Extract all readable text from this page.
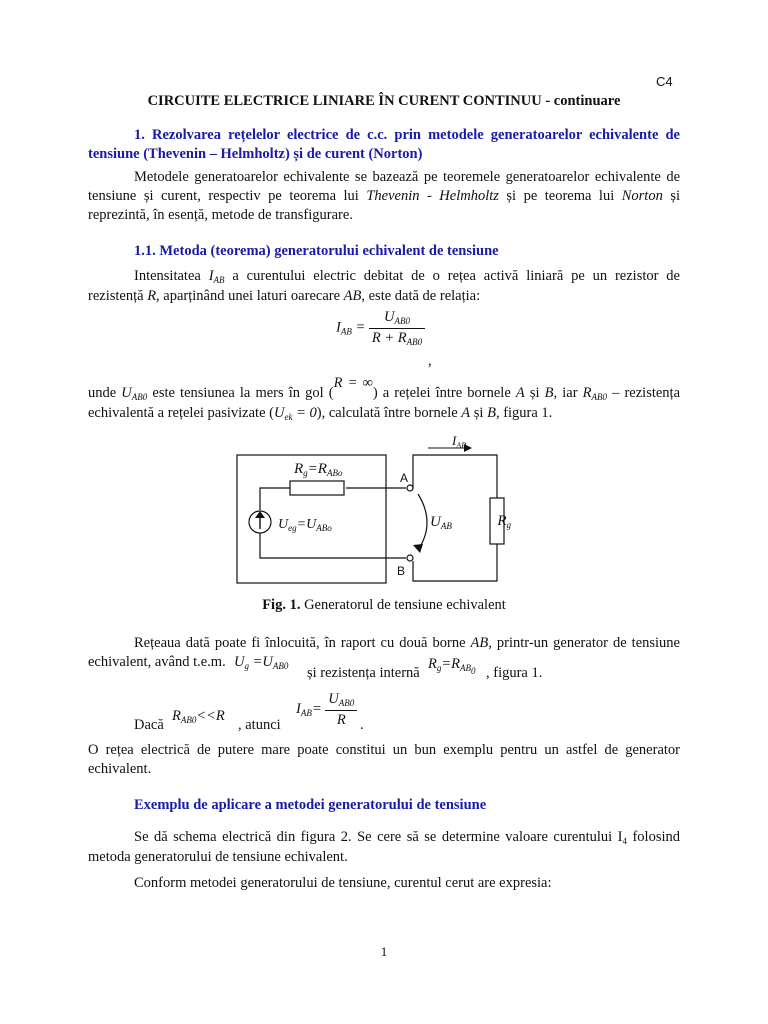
C4
CIRCUITE ELECTRICE LINIARE ÎN CURENT CONTINUU - continuare
1. Rezolvarea rețelelor electrice de c.c. prin metodele generatoarelor echivalente de tensiune (Thevenin – Helmholtz) și de curent (Norton)
Metodele generatoarelor echivalente se bazează pe teoremele generatoarelor echivalente de tensiune și curent, respectiv pe teorema lui Thevenin - Helmholtz și pe teorema lui Norton și reprezintă, în esență, metode de transfigurare.
1.1. Metoda (teorema) generatorului echivalent de tensiune
Intensitatea $I_{AB}$ a curentului electric debitat de o rețea activă liniară pe un rezistor de rezistență R, aparținând unei laturi oarecare AB, este dată de relația:
$I_{AB} = \frac{U_{AB0}}{R + R_{AB0}}$
,
unde $U_{AB0}$ este tensiunea la mers în gol (R = ∞) a rețelei între bornele A și B, iar $R_{AB0}$ – rezistența echivalentă a rețelei pasivizate $(U_{ek} = 0)$, calculată între bornele A și B, figura 1.
$R_g=R_{ABo}$
$U_{eg}=U_{ABo}$
A
B
$I_{AB}$
$U_{AB}$	$R_g$
Fig. 1. Generatorul de tensiune echivalent
Rețeaua dată poate fi înlocuită, în raport cu două borne AB, printr-un generator de tensiune echivalent, având t.e.m. $U_g =U_{AB0}$ și rezistența internă
$R_g=R_{AB0}$ , figura 1.
Dacă
$R_{AB0}<<R$
, atunci
$I_{AB}= \frac{U_{AB0}}{R}$ .
O rețea electrică de putere mare poate constitui un bun exemplu pentru un astfel de generator echivalent.
Exemplu de aplicare a metodei generatorului de tensiune
Se dă schema electrică din figura 2. Se cere să se determine valoare curentului $I_4$ folosind metoda generatorului de tensiune echivalent.
Conform metodei generatorului de tensiune, curentul cerut are expresia:
1
